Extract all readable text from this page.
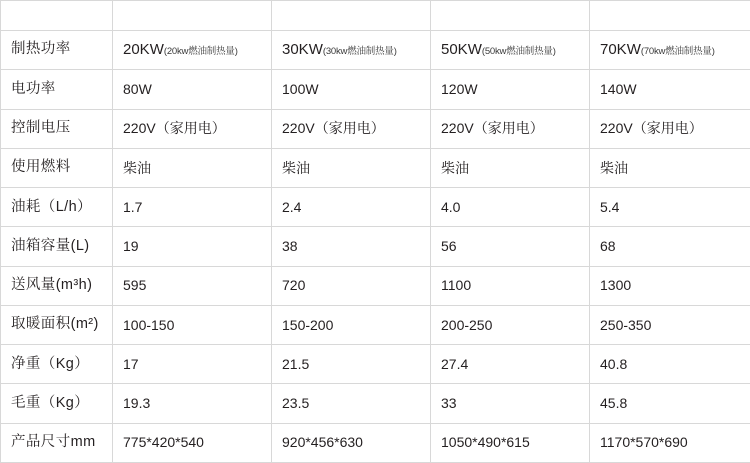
产品型号	QSY-20	QSY-30	QSY-50	QSY-70
制热功率	20KW(20kw燃油制热量)	30KW(30kw燃油制热量)	50KW(50kw燃油制热量)	70KW(70kw燃油制热量)
电功率	80W	100W	120W	140W
控制电压	220V（家用电）	220V（家用电）	220V（家用电）	220V（家用电）
使用燃料	柴油	柴油	柴油	柴油
油耗（L/h）	1.7	2.4	4.0	5.4
油箱容量(L)	19	38	56	68
送风量(m³h)	595	720	1100	1300
取暖面积(m²)	100-150	150-200	200-250	250-350
净重（Kg）	17	21.5	27.4	40.8
毛重（Kg）	19.3	23.5	33	45.8
产品尺寸mm	775*420*540	920*456*630	1050*490*615	1170*570*690
